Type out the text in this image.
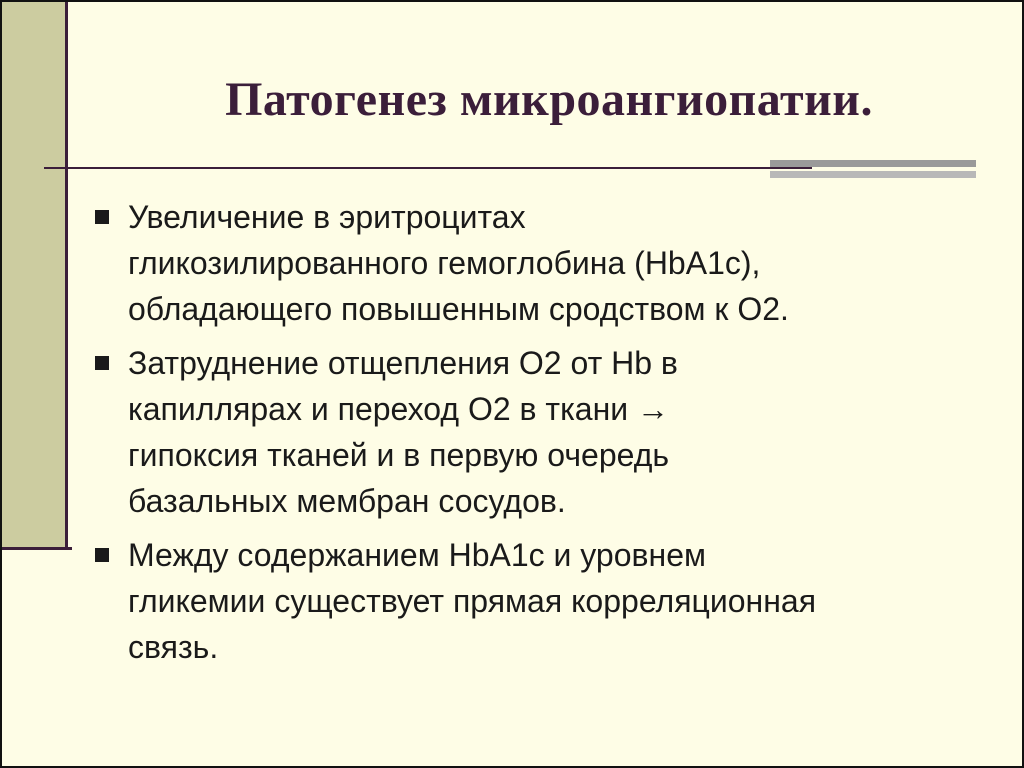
Патогенез микроангиопатии.
Увеличение в эритроцитах
гликозилированного гемоглобина (HbA1c),
обладающего повышенным сродством к O2.
Затруднение отщепления O2 от Hb в
капиллярах и переход O2 в ткани →
гипоксия тканей и в первую очередь
базальных мембран сосудов.
Между содержанием HbA1c и уровнем
гликемии существует прямая корреляционная
связь.
